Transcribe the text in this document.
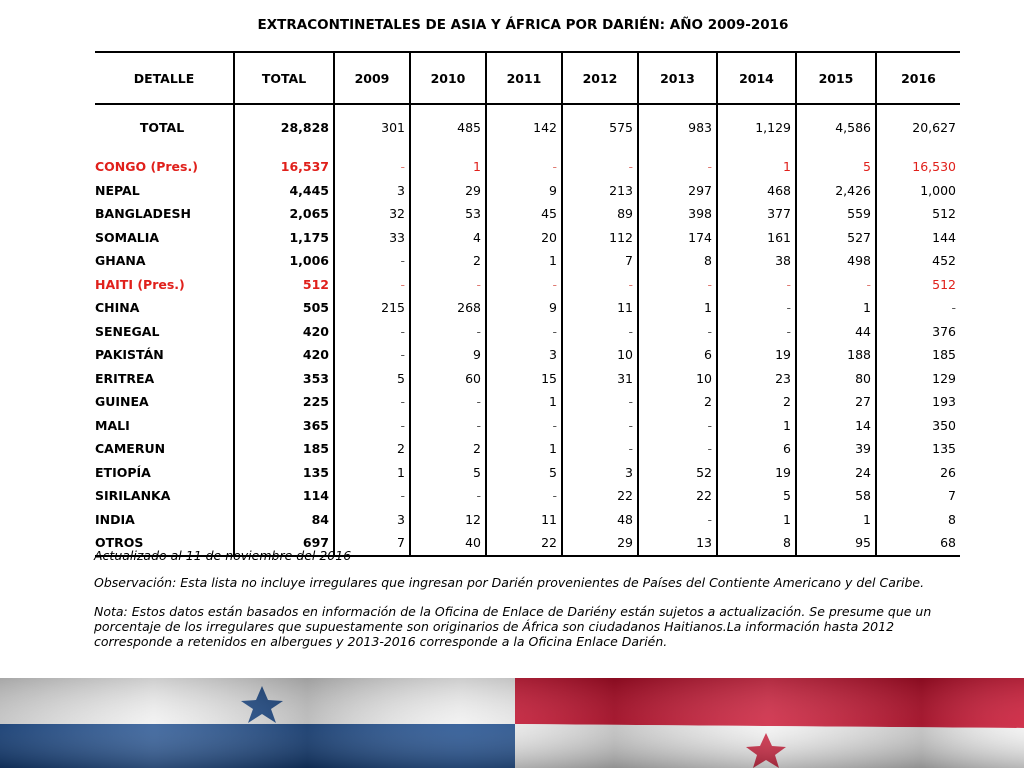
EXTRACONTINETALES DE ASIA Y ÁFRICA POR DARIÉN: AÑO 2009-2016
DETALLE	TOTAL	2009	2010	2011	2012	2013	2014	2015	2016
TOTAL	28,828	301	485	142	575	983	1,129	4,586	20,627

CONGO (Pres.)	16,537	-	1	-	-	-	1	5	16,530
NEPAL	4,445	3	29	9	213	297	468	2,426	1,000
BANGLADESH	2,065	32	53	45	89	398	377	559	512
SOMALIA	1,175	33	4	20	112	174	161	527	144
GHANA	1,006	-	2	1	7	8	38	498	452
HAITI (Pres.)	512	-	-	-	-	-	-	-	512
CHINA	505	215	268	9	11	1	-	1	-
SENEGAL	420	-	-	-	-	-	-	44	376
PAKISTÁN	420	-	9	3	10	6	19	188	185
ERITREA	353	5	60	15	31	10	23	80	129
GUINEA	225	-	-	1	-	2	2	27	193
MALI	365	-	-	-	-	-	1	14	350
CAMERUN	185	2	2	1	-	-	6	39	135
ETIOPÍA	135	1	5	5	3	52	19	24	26
SIRILANKA	114	-	-	-	22	22	5	58	7
INDIA	84	3	12	11	48	-	1	1	8
OTROS	697	7	40	22	29	13	8	95	68

Actualizado al 11 de noviembre del 2016

Observación: Esta lista no incluye irregulares que ingresan por Darién provenientes de Países del Contiente Americano y del Caribe.

Nota: Estos datos están basados en información de la Oficina de Enlace de Dariény están sujetos a actualización. Se presume que un porcentaje de los irregulares que supuestamente son originarios de África son ciudadanos Haitianos.La información hasta 2012 corresponde a retenidos en albergues y 2013-2016 corresponde a la Oficina Enlace Darién.
